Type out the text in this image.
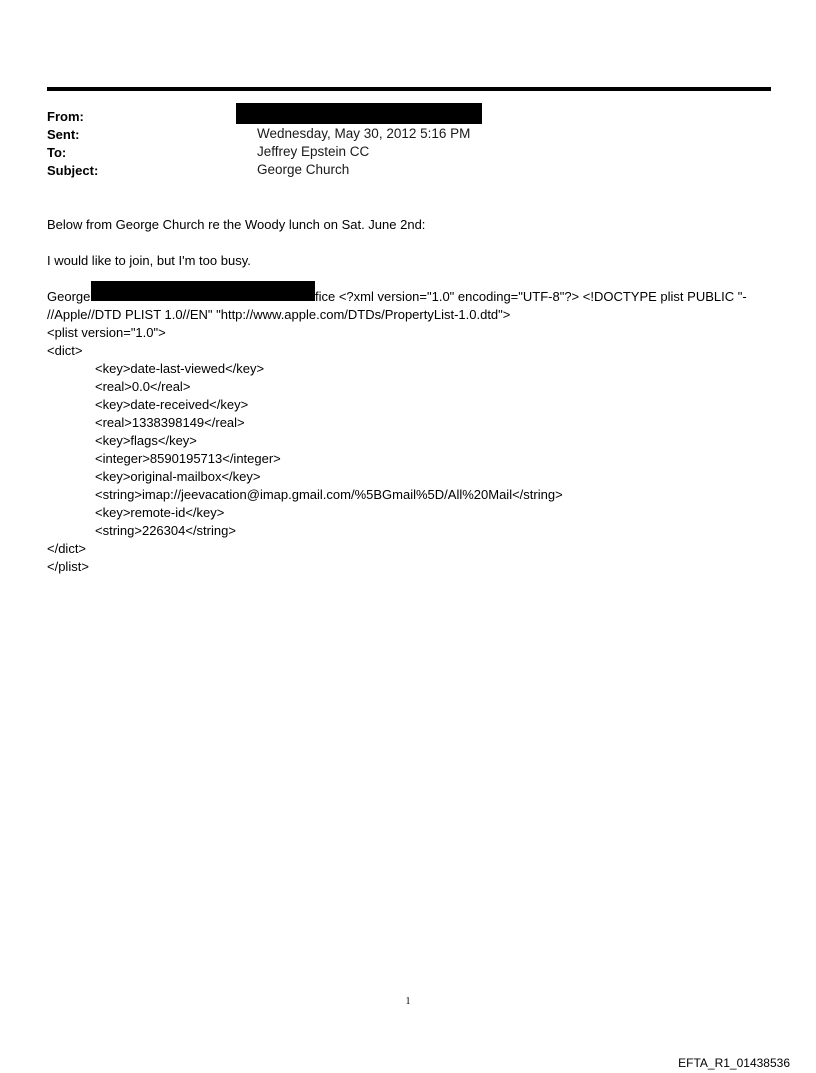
From:
Sent:	Wednesday, May 30, 2012 5:16 PM
To:	Jeffrey Epstein CC
Subject:	George Church
Below from George Church re the Woody lunch on Sat. June 2nd:
I would like to join, but I'm too busy.
George	fice <?xml version="1.0" encoding="UTF-8"?> <!DOCTYPE plist PUBLIC "-
//Apple//DTD PLIST 1.0//EN" "http://www.apple.com/DTDs/PropertyList-1.0.dtd">
<plist version="1.0">
<dict>
<key>date-last-viewed</key>
<real>0.0</real>
<key>date-received</key>
<real>1338398149</real>
<key>flags</key>
<integer>8590195713</integer>
<key>original-mailbox</key>
<string>imap://jeevacation@imap.gmail.com/%5BGmail%5D/All%20Mail</string>
<key>remote-id</key>
<string>226304</string>
</dict>
</plist>
1
EFTA_R1_01438536
